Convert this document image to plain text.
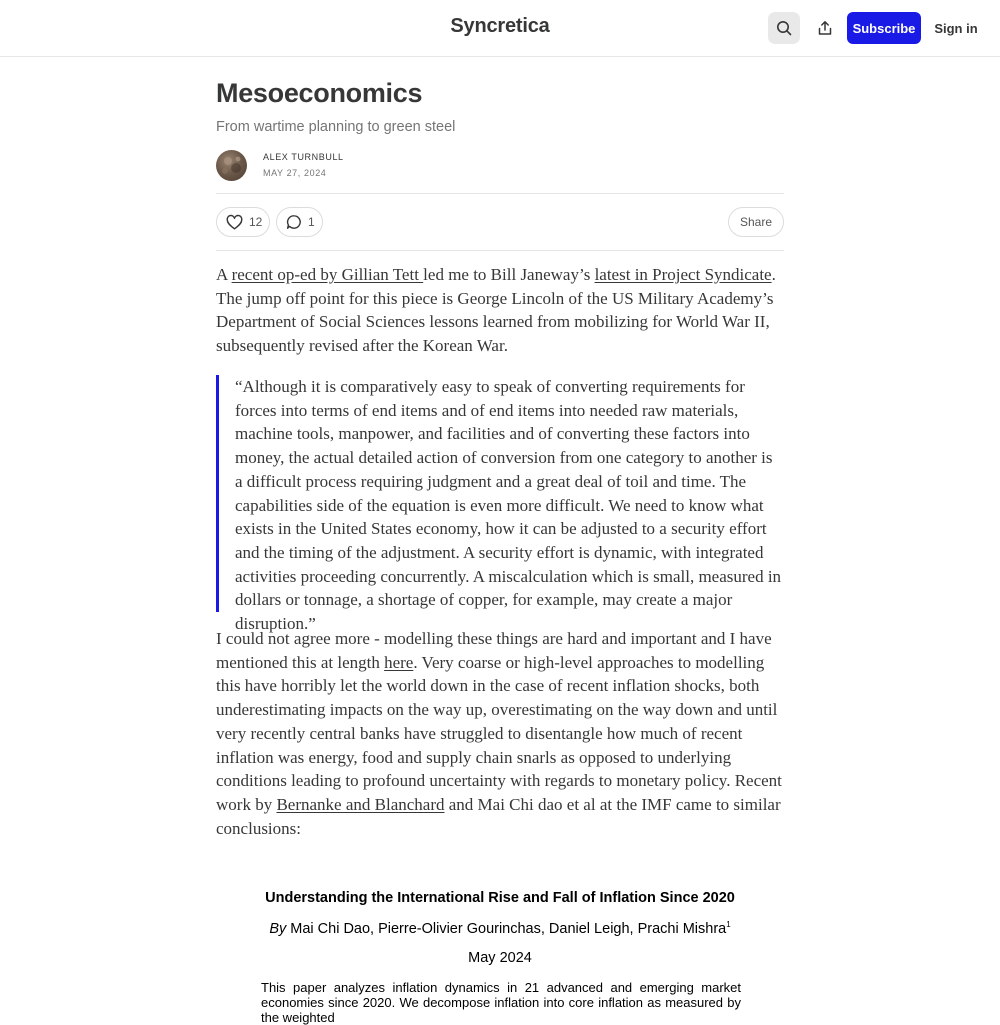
Syncretica	Subscribe	Sign in
Mesoeconomics
From wartime planning to green steel
ALEX TURNBULL
MAY 27, 2024
12	1	Share

A recent op-ed by Gillian Tett led me to Bill Janeway’s latest in Project Syndicate. The jump off point for this piece is George Lincoln of the US Military Academy’s Department of Social Sciences lessons learned from mobilizing for World War II, subsequently revised after the Korean War.

“Although it is comparatively easy to speak of converting requirements for forces into terms of end items and of end items into needed raw materials, machine tools, manpower, and facilities and of converting these factors into money, the actual detailed action of conversion from one category to another is a difficult process requiring judgment and a great deal of toil and time. The capabilities side of the equation is even more difficult. We need to know what exists in the United States economy, how it can be adjusted to a security effort and the timing of the adjustment. A security effort is dynamic, with integrated activities proceeding concurrently. A miscalculation which is small, measured in dollars or tonnage, a shortage of copper, for example, may create a major disruption.”

I could not agree more - modelling these things are hard and important and I have mentioned this at length here. Very coarse or high-level approaches to modelling this have horribly let the world down in the case of recent inflation shocks, both underestimating impacts on the way up, overestimating on the way down and until very recently central banks have struggled to disentangle how much of recent inflation was energy, food and supply chain snarls as opposed to underlying conditions leading to profound uncertainty with regards to monetary policy. Recent work by Bernanke and Blanchard and Mai Chi dao et al at the IMF came to similar conclusions:

Understanding the International Rise and Fall of Inflation Since 2020
By Mai Chi Dao, Pierre-Olivier Gourinchas, Daniel Leigh, Prachi Mishra$^1$
May 2024
This paper analyzes inflation dynamics in 21 advanced and emerging market economies since 2020. We decompose inflation into core inflation as measured by the weighted
